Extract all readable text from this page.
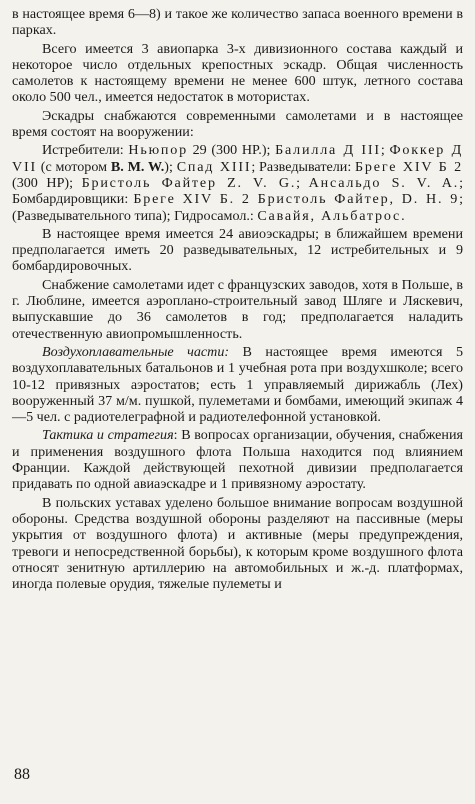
в настоящее время 6—8) и такое же количество запаса военного времени в парках.

Всего имеется 3 авиопарка 3-х дивизионного состава каждый и некоторое число отдельных крепостных эскадр. Общая численность самолетов к настоящему времени не менее 600 штук, летного состава около 500 чел., имеется недостаток в мотористах.

Эскадры снабжаются современными самолетами и в настоящее время состоят на вооружении:

Истребители: Ньюпор 29 (300 HP.); Балилла Д III; Фоккер Д VII (с мотором B. M. W.); Спад XIII; Разведыватели: Бреге XIV Б 2 (300 HP); Бристоль Файтер Z. V. G.; Ансальдо S. V. A.; Бомбардировщики: Бреге XIV Б. 2 Бристоль Файтер, D. H. 9; (Разведывательного типа); Гидросамол.: Савайя, Альбатрос.

В настоящее время имеется 24 авиоэскадры; в ближайшем времени предполагается иметь 20 разведывательных, 12 истребительных и 9 бомбардировочных.

Снабжение самолетами идет с французских заводов, хотя в Польше, в г. Люблине, имеется аэроплано-строительный завод Шляге и Ляскевич, выпускавшие до 36 самолетов в год; предполагается наладить отечественную авиопромышленность.

Воздухоплавательные части: В настоящее время имеются 5 воздухоплавательных батальонов и 1 учебная рота при воздухшколе; всего 10-12 привязных аэростатов; есть 1 управляемый дирижабль (Лех) вооруженный 37 м/м. пушкой, пулеметами и бомбами, имеющий экипаж 4—5 чел. с радиотелеграфной и радиотелефонной установкой.

Тактика и стратегия: В вопросах организации, обучения, снабжения и применения воздушного флота Польша находится под влиянием Франции. Каждой действующей пехотной дивизии предполагается придавать по одной авиаэскадре и 1 привязному аэростату.

В польских уставах уделено большое внимание вопросам воздушной обороны. Средства воздушной обороны разделяют на пассивные (меры укрытия от воздушного флота) и активные (меры предупреждения, тревоги и непосредственной борьбы), к которым кроме воздушного флота относят зенитную артиллерию на автомобильных и ж.-д. платформах, иногда полевые орудия, тяжелые пулеметы и

88
